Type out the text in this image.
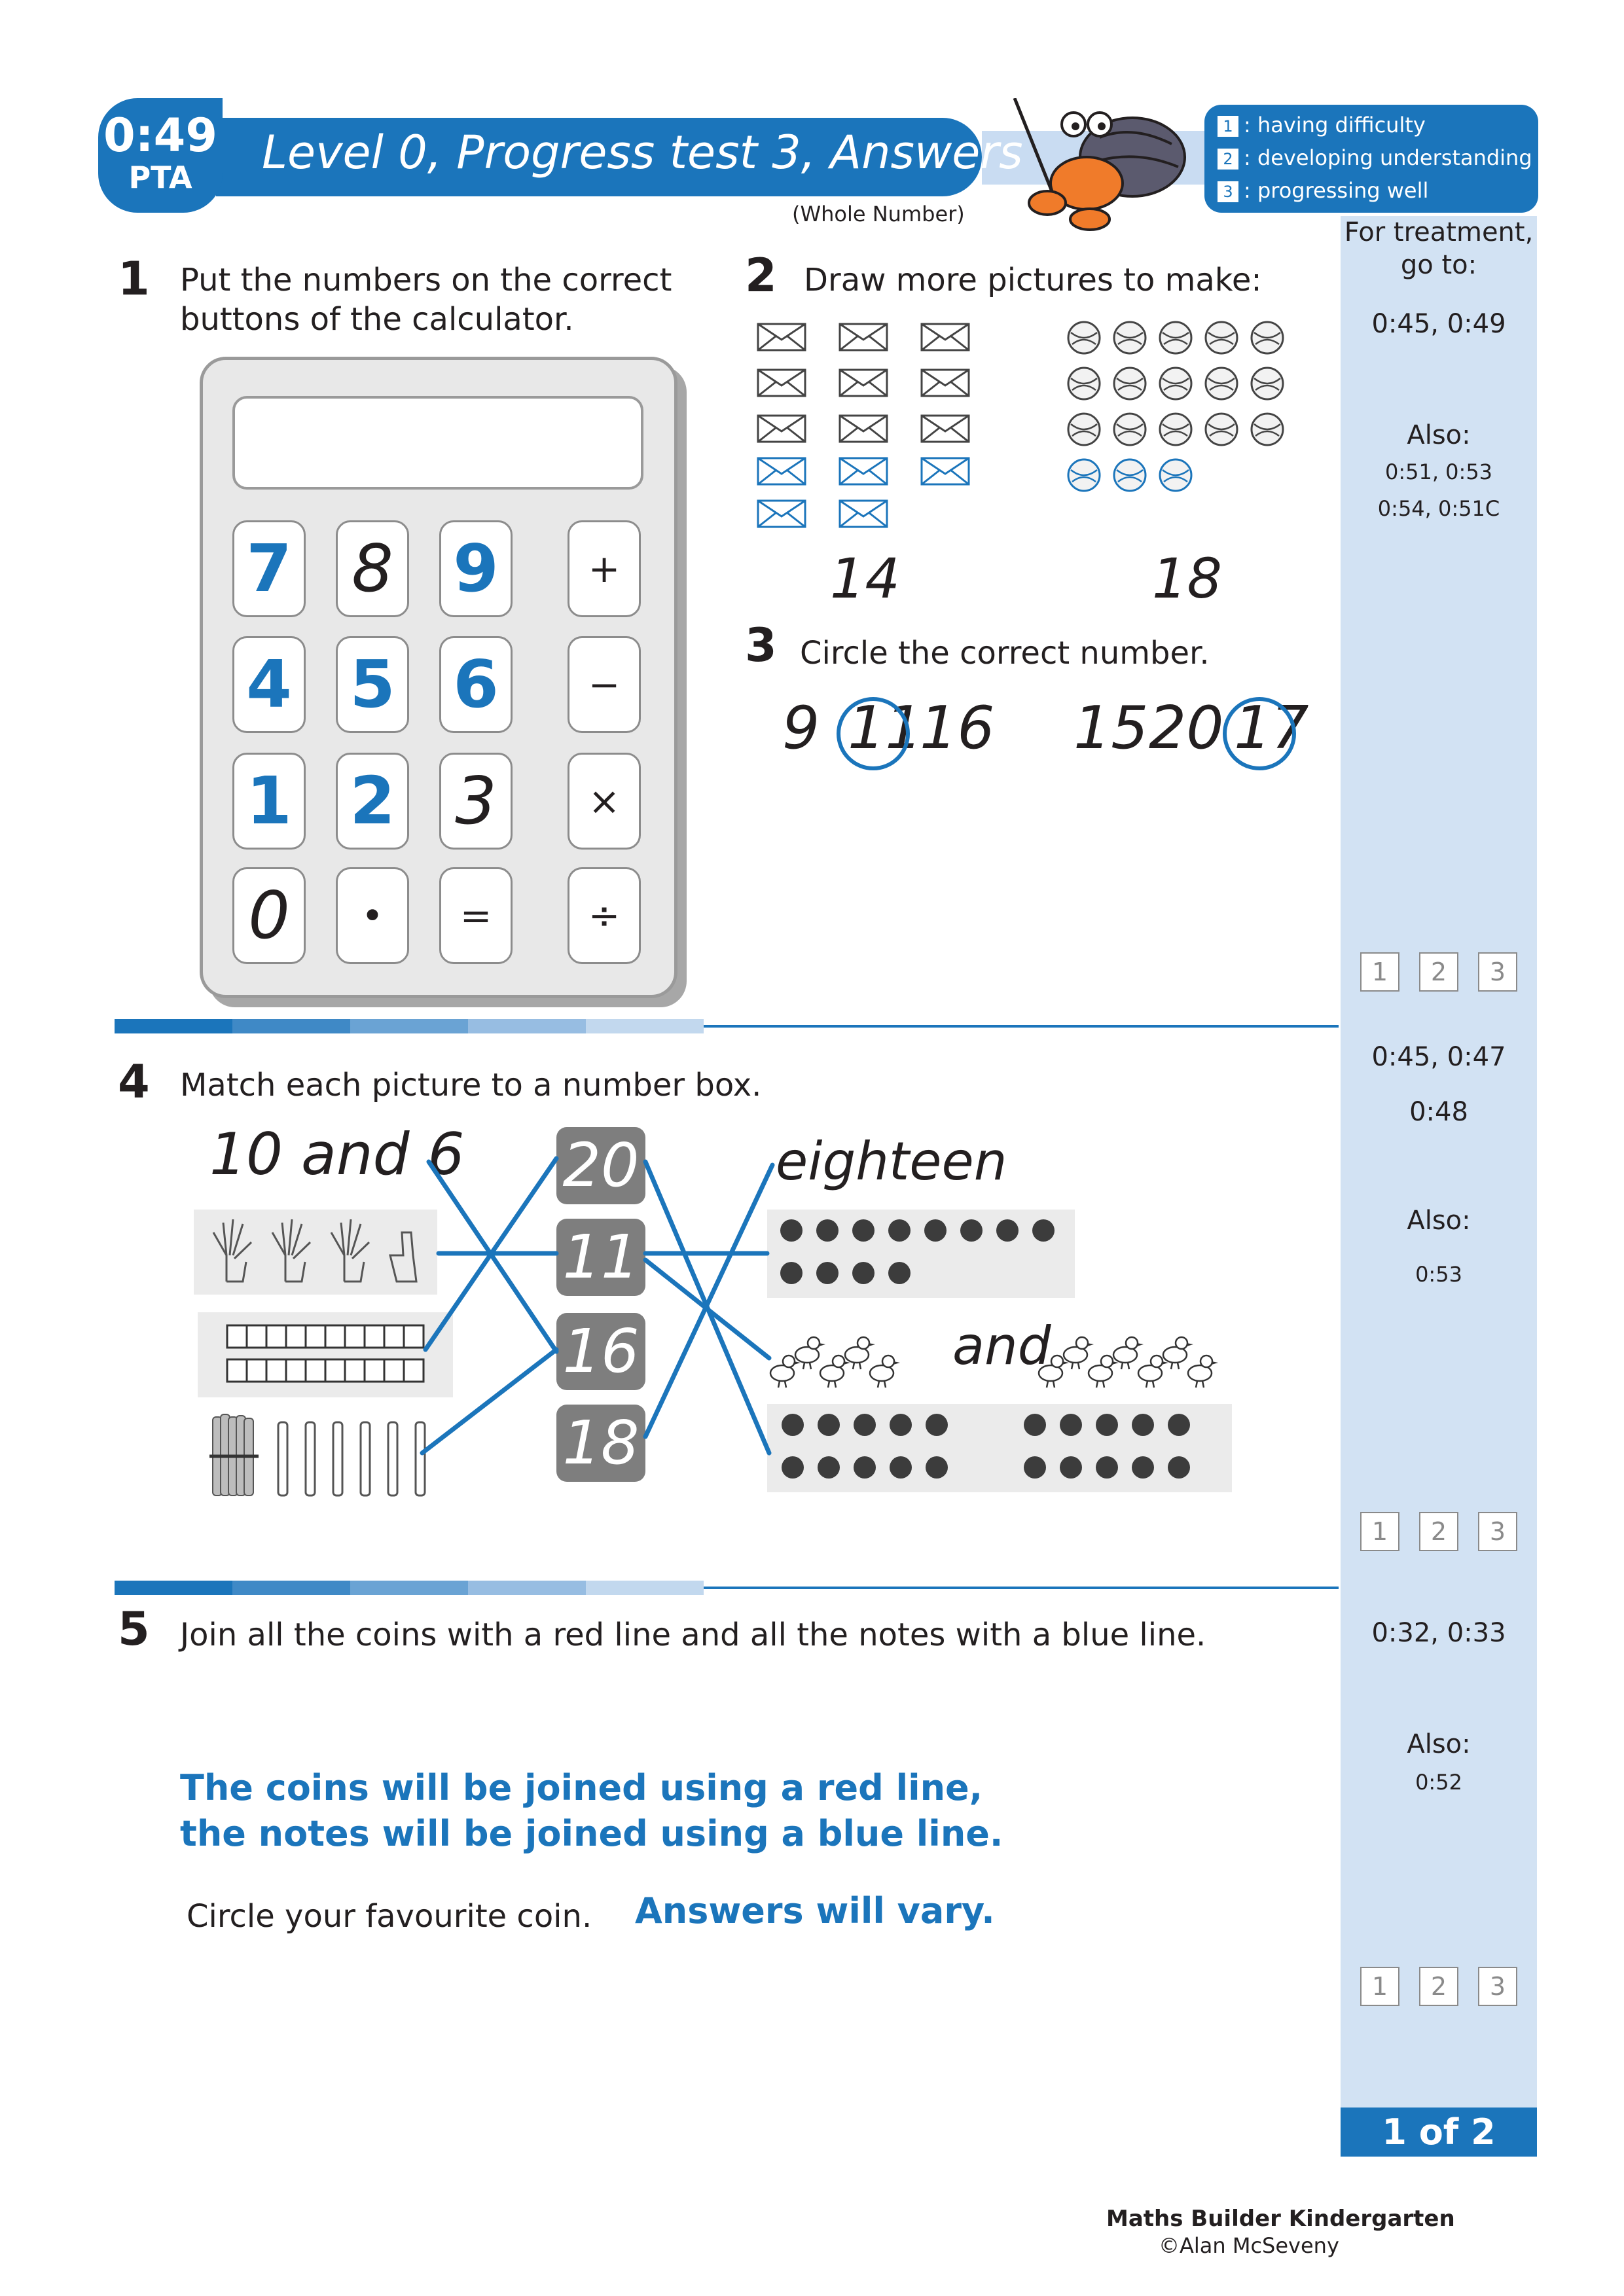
Level 0, Progress test 3, Answers
0:49
PTA
(Whole Number)
1 : having difficulty
2 : developing understanding
3 : progressing well
For treatment,
go to:
0:45, 0:49
Also:
0:51, 0:53
0:54, 0:51C
1	2	3
0:45, 0:47
0:48
Also:
0:53
1	2	3
0:32, 0:33
Also:
0:52
1	2	3
1 of 2
1 Put the numbers on the correct
buttons of the calculator.
7 8 9	+
4 5 6	−
1 2 3	×
0	•	=	÷
2 Draw more pictures to make:
14	18
3 Circle the correct number.
9 11
16 15 20 17
4 Match each picture to a number box.
10 and 6 20
11
16
18
eighteen
and
5 Join all the coins with a red line and all the notes with a blue line.
The coins will be joined using a red line,
the notes will be joined using a blue line.
Circle your favourite coin. Answers will vary.
Maths Builder Kindergarten
©Alan McSeveny
